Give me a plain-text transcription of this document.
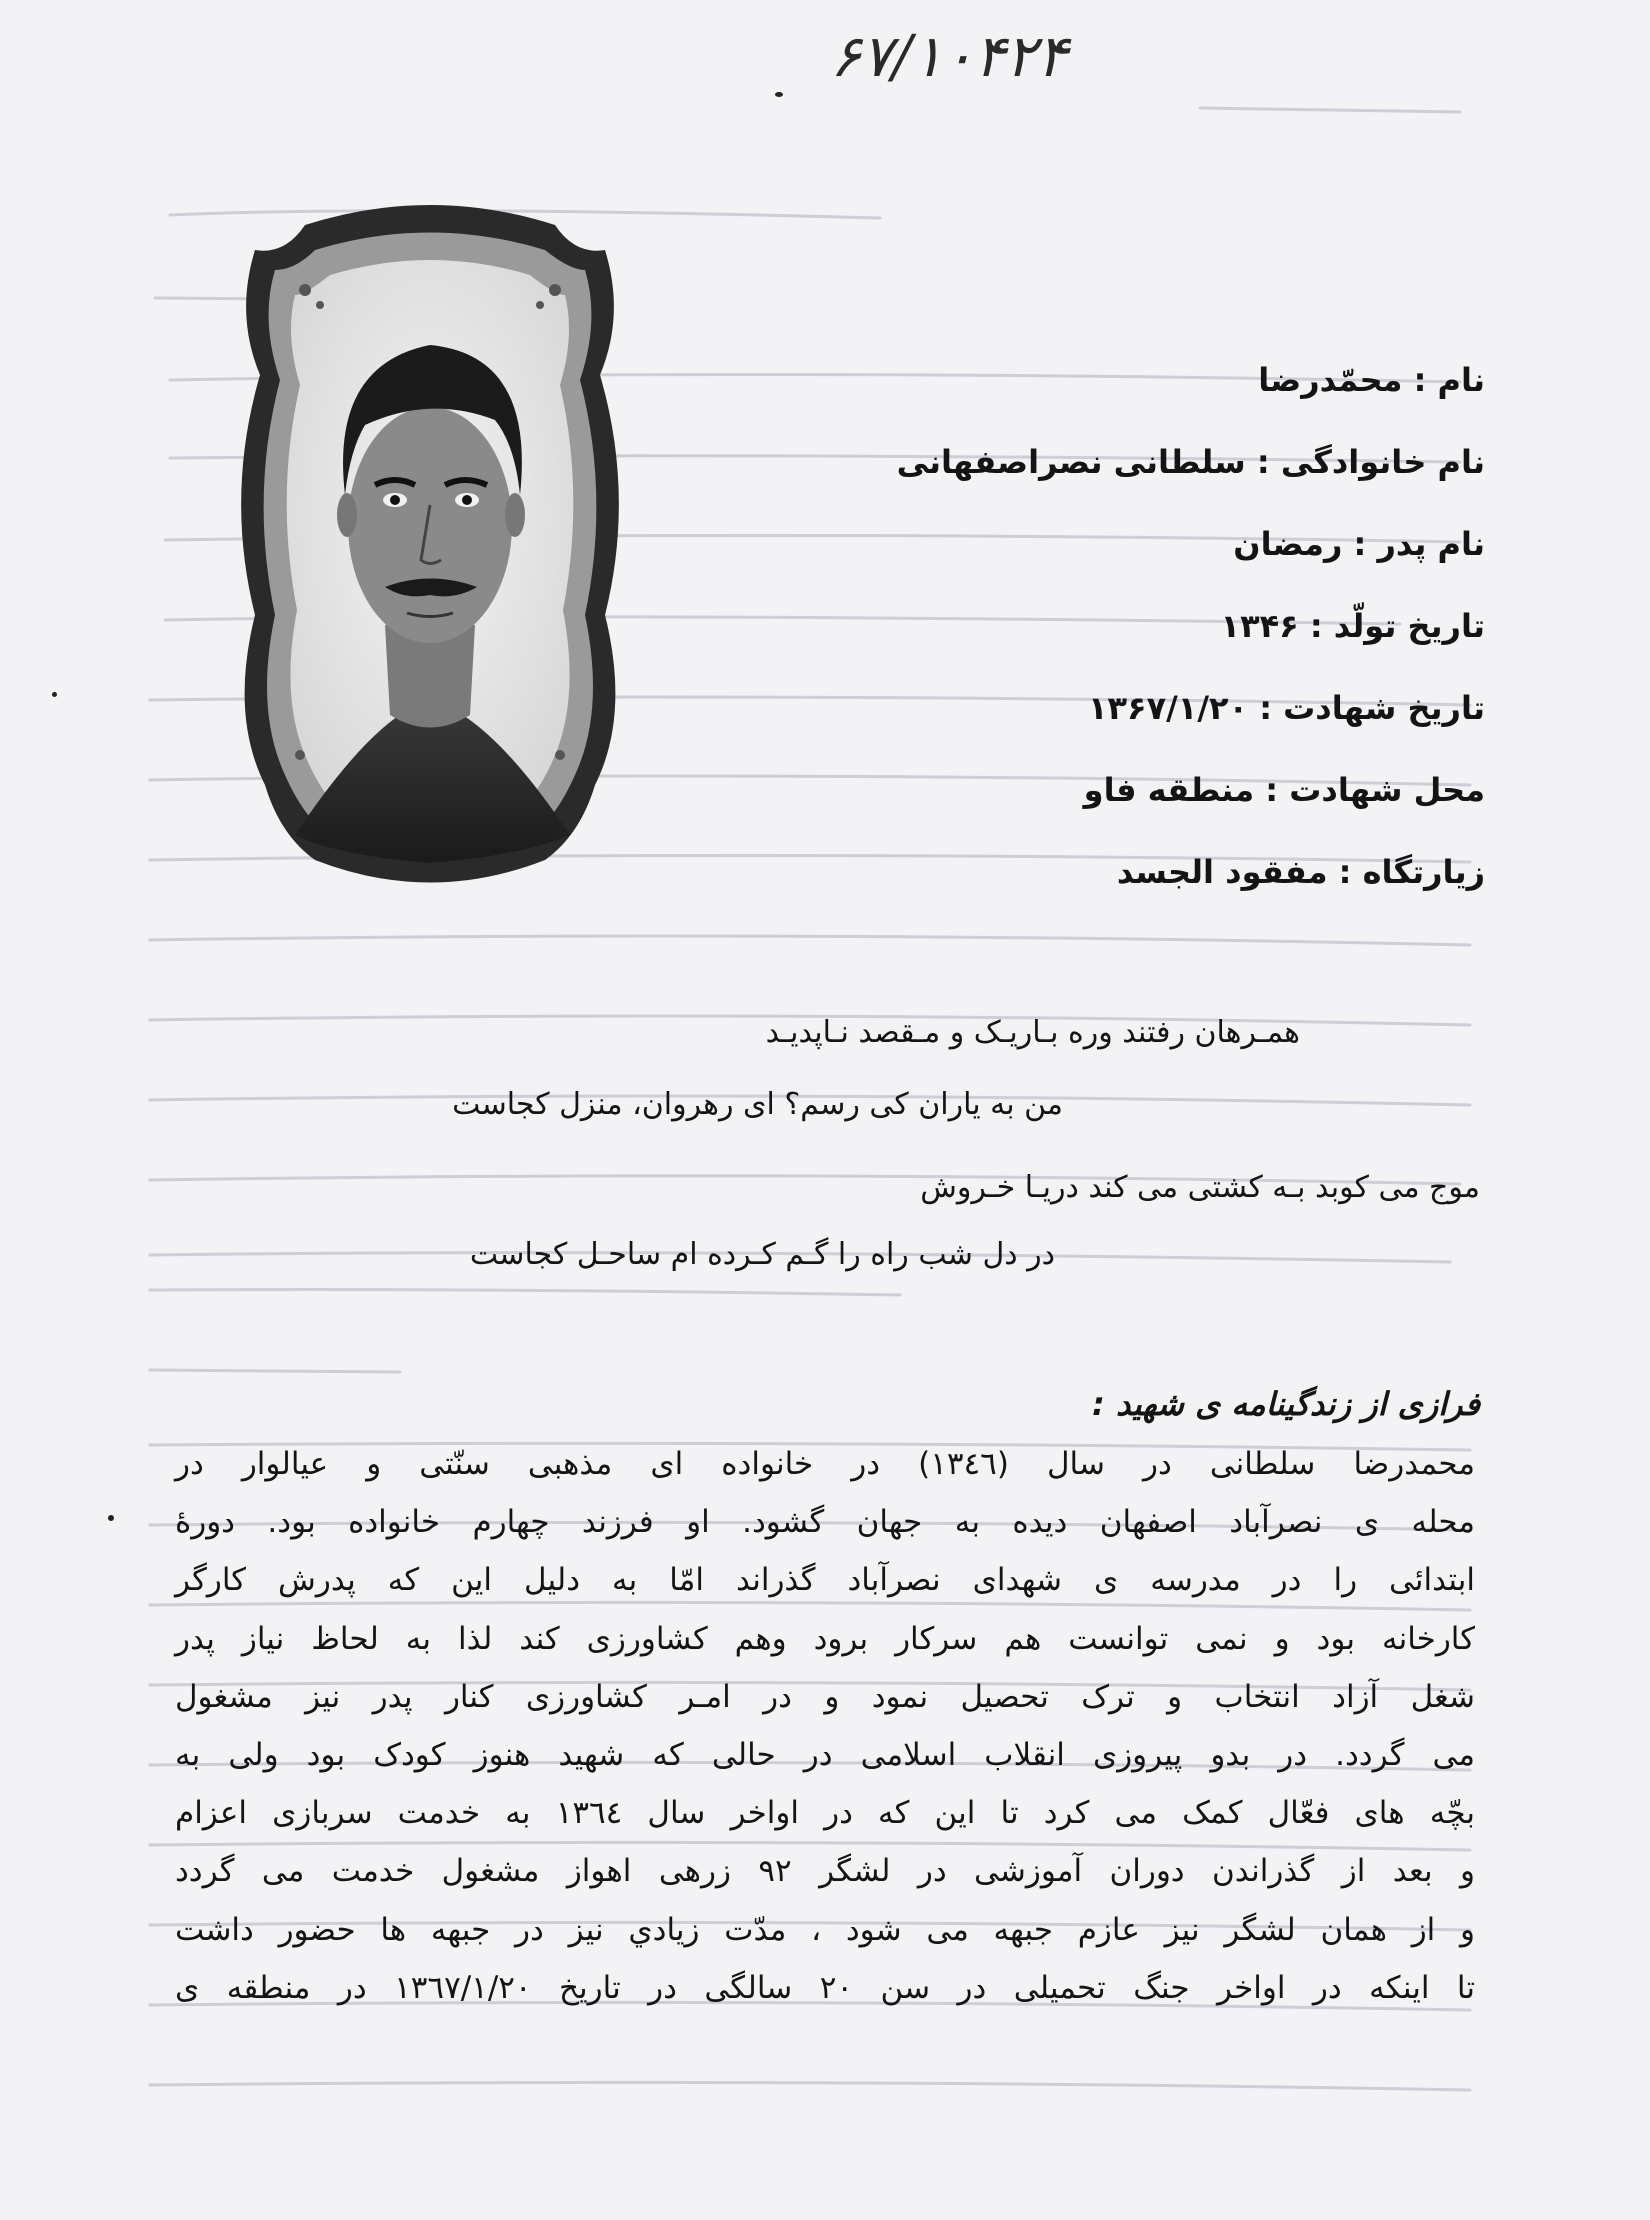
۶۷/۱۰۴۲۴
نام : محمّدرضا
نام خانوادگی : سلطانی نصراصفهانی
نام پدر : رمضان
تاریخ تولّد : ۱۳۴۶
تاریخ شهادت : ۱۳۶۷/۱/۲۰
محل شهادت : منطقه فاو
زیارتگاه : مفقود الجسد
همـرهان رفتند وره بـاریـک و مـقصد نـاپدیـد
من به یاران کی رسم؟ ای رهروان، منزل کجاست
موج می کوبد بـه کشتی می کند دریـا خـروش
در دل شب راه را گـم کـرده ام ساحـل کجاست
فرازی از زندگینامه ی شهید :

محمدرضا سلطانی در سال (۱۳٤٦) در خانواده ای مذهبی سنّتی و عیالوار در

محله ی نصرآباد اصفهان دیده به جهان گشود. او فرزند چهارم خانواده بود. دورهٔ

ابتدائی را در مدرسه ی شهدای نصرآباد گذراند امّا به دلیل این که پدرش کارگر

کارخانه بود و نمی توانست هم سرکار برود وهم کشاورزی کند لذا به لحاظ نیاز پدر

شغل آزاد انتخاب و ترک تحصیل نمود و در امـر کشاورزی کنار پدر نیز مشغول

می گردد. در بدو پیروزی انقلاب اسلامی در حالی که شهید هنوز کودک بود ولی به

بچّه های فعّال کمک می کرد تا این که در اواخر سال ۱۳٦٤ به خدمت سربازی اعزام

و بعد از گذراندن دوران آموزشی در لشگر ۹۲ زرهی اهواز مشغول خدمت می گردد

و از همان لشگر نیز عازم جبهه می شود ، مدّت زیادي نیز در جبهه ها حضور داشت

تا اینکه در اواخر جنگ تحمیلی در سن ۲۰ سالگی در تاریخ ۱۳٦۷/۱/۲۰ در منطقه ی
